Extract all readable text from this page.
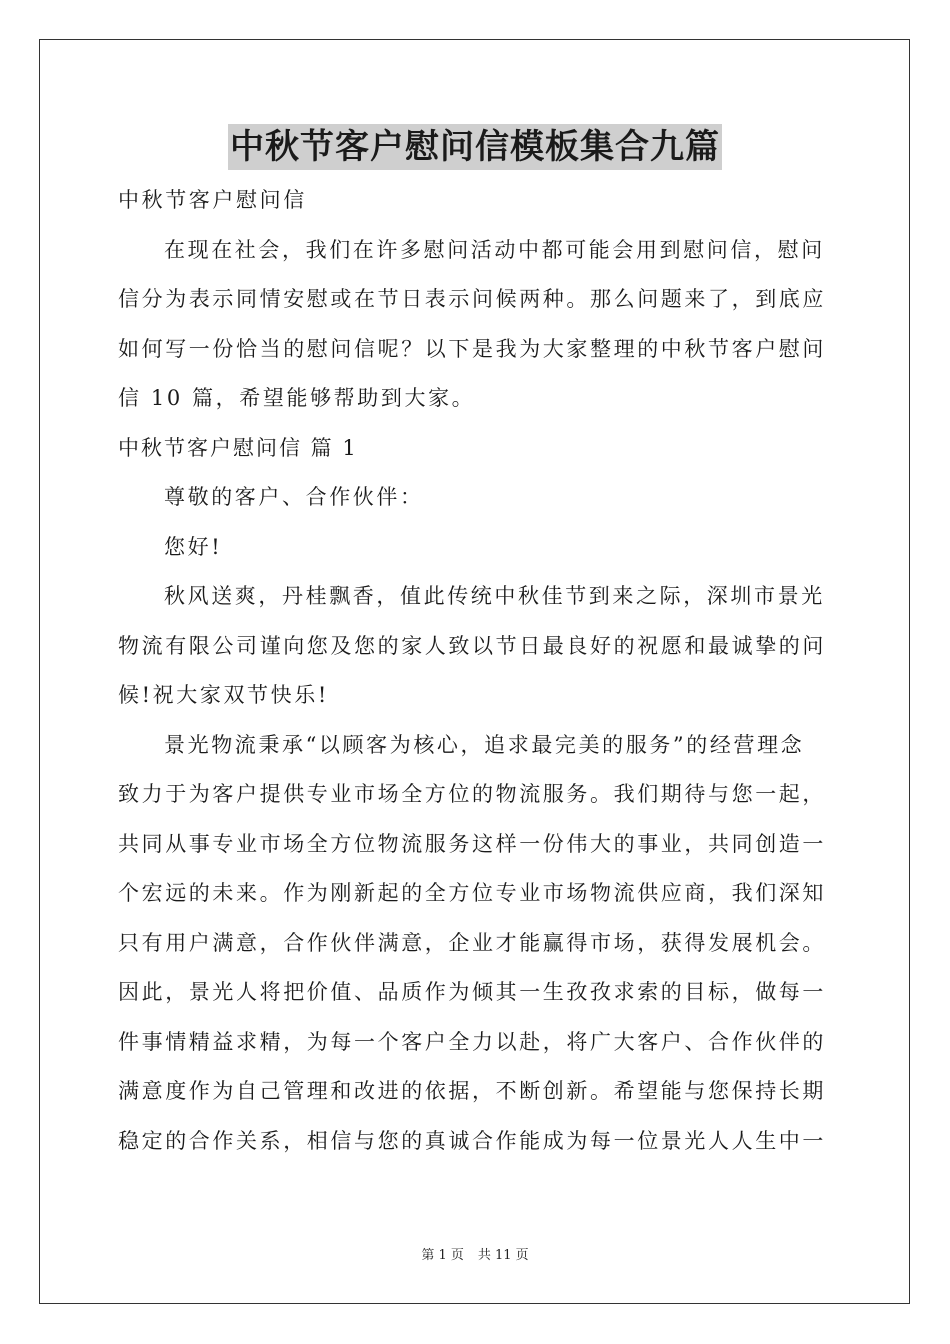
中秋节客户慰问信模板集合九篇
中秋节客户慰问信
在现在社会，我们在许多慰问活动中都可能会用到慰问信，慰问
信分为表示同情安慰或在节日表示问候两种。那么问题来了，到底应
如何写一份恰当的慰问信呢？以下是我为大家整理的中秋节客户慰问
信 10 篇，希望能够帮助到大家。
中秋节客户慰问信 篇 1
尊敬的客户、合作伙伴：
您好!
秋风送爽，丹桂飘香，值此传统中秋佳节到来之际，深圳市景光
物流有限公司谨向您及您的家人致以节日最良好的祝愿和最诚挚的问
候!祝大家双节快乐!
景光物流秉承“以顾客为核心，追求最完美的服务”的经营理念
致力于为客户提供专业市场全方位的物流服务。我们期待与您一起，
共同从事专业市场全方位物流服务这样一份伟大的事业，共同创造一
个宏远的未来。作为刚新起的全方位专业市场物流供应商，我们深知
只有用户满意，合作伙伴满意，企业才能赢得市场，获得发展机会。
因此，景光人将把价值、品质作为倾其一生孜孜求索的目标，做每一
件事情精益求精，为每一个客户全力以赴，将广大客户、合作伙伴的
满意度作为自己管理和改进的依据，不断创新。希望能与您保持长期
稳定的合作关系，相信与您的真诚合作能成为每一位景光人人生中一
第 1 页 共 11 页
